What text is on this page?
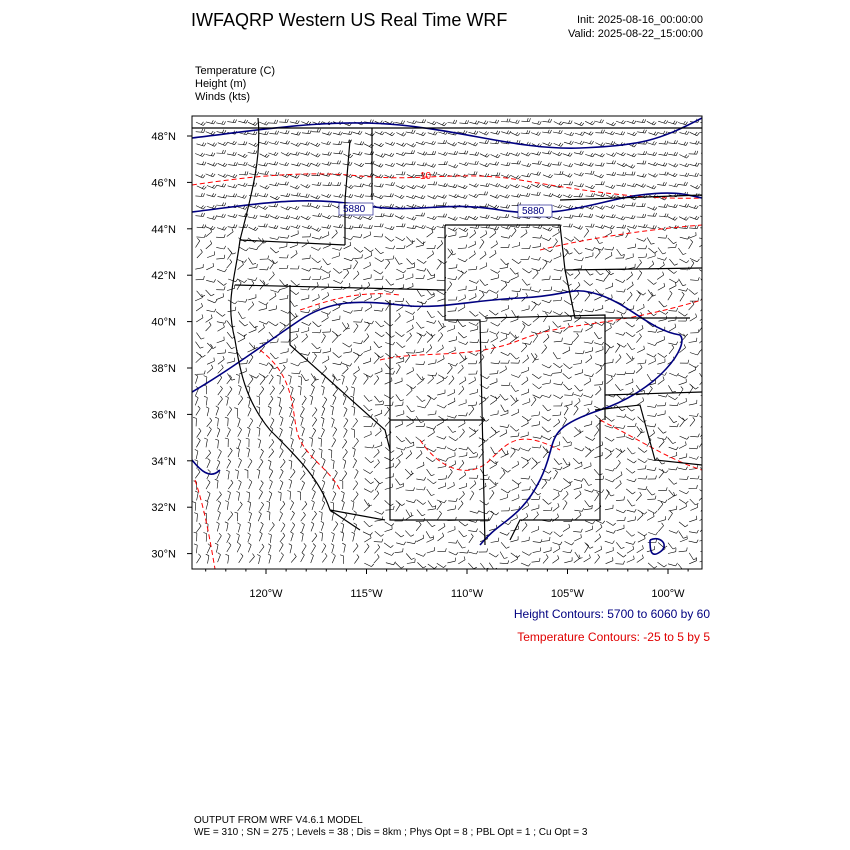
IWFAQRP Western US Real Time WRF	Init: 2025-08-16_00:00:00
Valid: 2025-08-22_15:00:00
Temperature (C)
Height (m)
Winds (kts)
48°N
46°N
44°N
42°N
40°N
38°N
36°N
34°N
32°N
30°N
120°W	115°W	110°W	105°W	100°W
5880
5880
10
Height Contours: 5700 to 6060 by 60
Temperature Contours: -25 to 5 by 5
OUTPUT FROM WRF V4.6.1 MODEL
WE = 310 ; SN = 275 ; Levels = 38 ; Dis = 8km ; Phys Opt = 8 ; PBL Opt = 1 ; Cu Opt = 3
